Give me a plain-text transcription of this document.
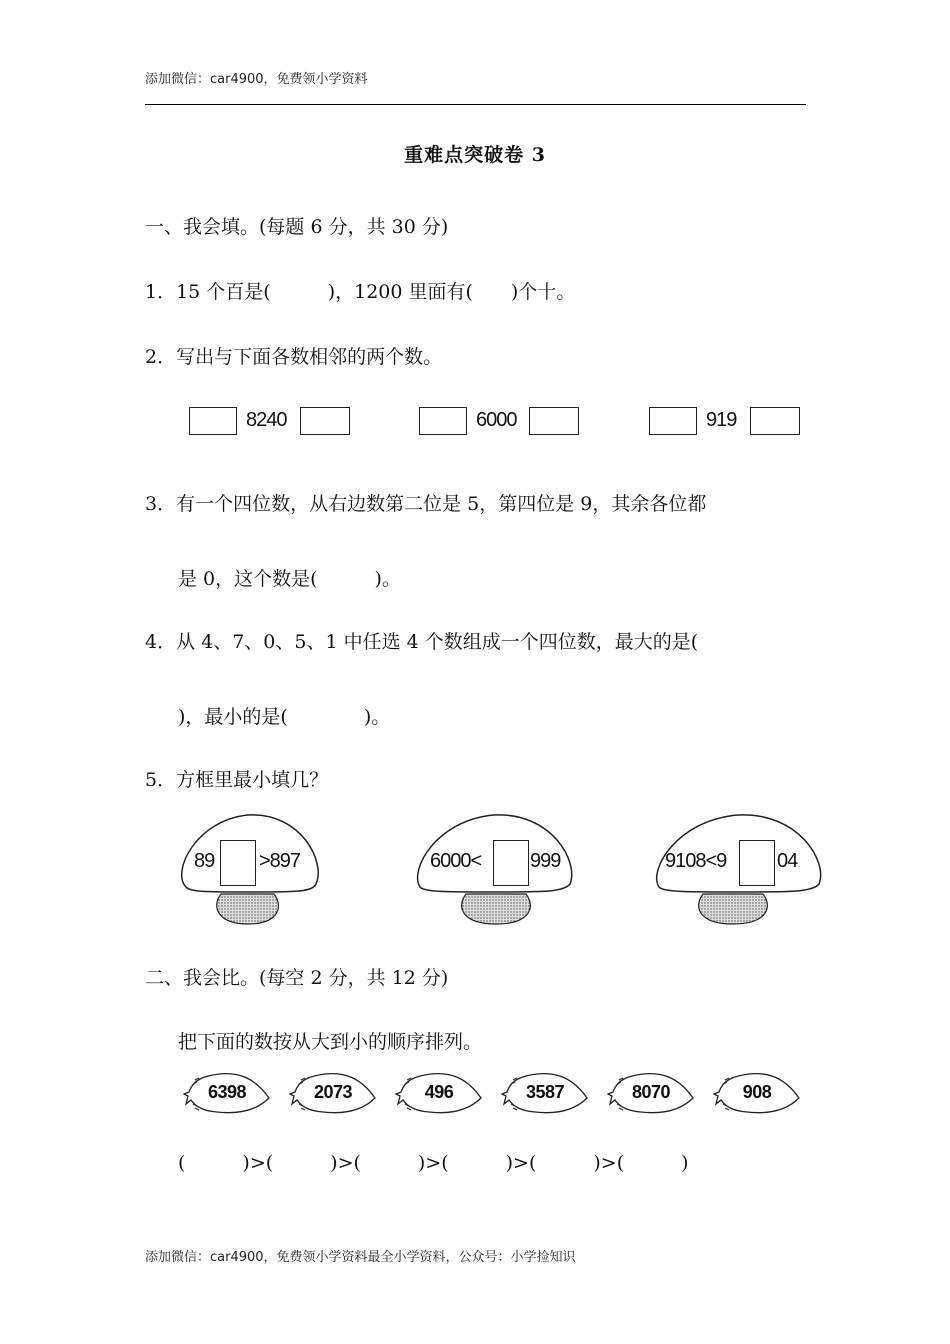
添加微信：car4900，免费领小学资料
重难点突破卷 3
一、我会填。(每题 6 分，共 30 分)
1．15 个百是(　　　)，1200 里面有(　　)个十。
2．写出与下面各数相邻的两个数。
8240	6000	919
3．有一个四位数，从右边数第二位是 5，第四位是 9，其余各位都
是 0，这个数是(　　　)。
4．从 4、7、0、5、1 中任选 4 个数组成一个四位数，最大的是(
)，最小的是(　　　　)。
5．方框里最小填几？
89 >897	6000< 999	9108<9	04
二、我会比。(每空 2 分，共 12 分)
把下面的数按从大到小的顺序排列。
6398	2073	496	3587	8070	908
(　　　)>(　　　)>(　　　)>(　　　)>(　　　)>(　　　)
添加微信：car4900，免费领小学资料最全小学资料，公众号：小学捡知识
